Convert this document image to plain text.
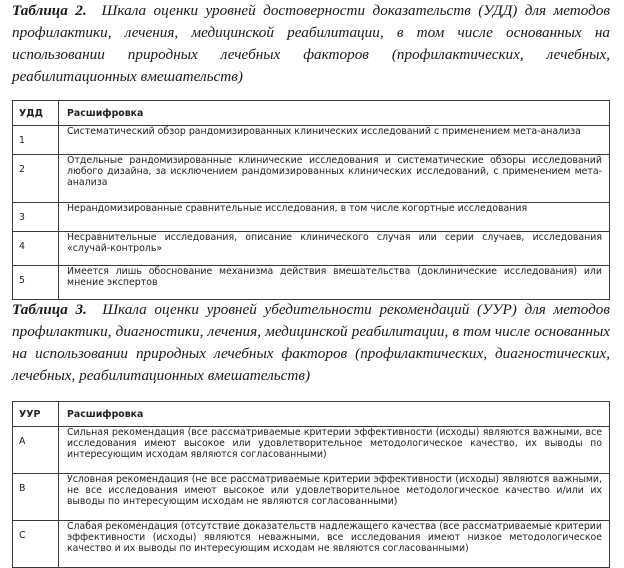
Таблица 2. Шкала оценки уровней достоверности доказательств (УДД) для методов профилактики, лечения, медицинской реабилитации, в том числе основанных на использовании природных лечебных факторов (профилактических, лечебных, реабилитационных вмешательств)

УДД	Расшифровка
1	Систематический обзор рандомизированных клинических исследований с применением мета-анализа
2	Отдельные рандомизированные клинические исследования и систематические обзоры исследований любого дизайна, за исключением рандомизированных клинических исследований, с применением мета-анализа
3	Нерандомизированные сравнительные исследования, в том числе когортные исследования
4	Несравнительные исследования, описание клинического случая или серии случаев, исследования «случай-контроль»
5	Имеется лишь обоснование механизма действия вмешательства (доклинические исследования) или мнение экспертов

Таблица 3. Шкала оценки уровней убедительности рекомендаций (УУР) для методов профилактики, диагностики, лечения, медицинской реабилитации, в том числе основанных на использовании природных лечебных факторов (профилактических, диагностических, лечебных, реабилитационных вмешательств)

УУР	Расшифровка
A	Сильная рекомендация (все рассматриваемые критерии эффективности (исходы) являются важными, все исследования имеют высокое или удовлетворительное методологическое качество, их выводы по интересующим исходам являются согласованными)
B	Условная рекомендация (не все рассматриваемые критерии эффективности (исходы) являются важными, не все исследования имеют высокое или удовлетворительное методологическое качество и/или их выводы по интересующим исходам не являются согласованными)
C	Слабая рекомендация (отсутствие доказательств надлежащего качества (все рассматриваемые критерии эффективности (исходы) являются неважными, все исследования имеют низкое методологическое качество и их выводы по интересующим исходам не являются согласованными)
